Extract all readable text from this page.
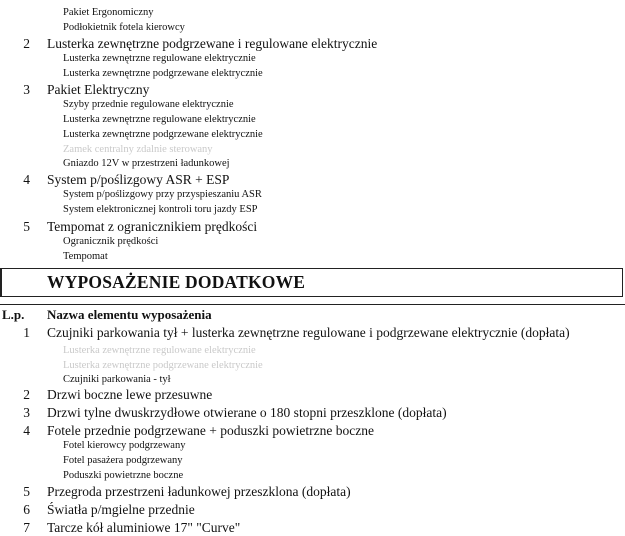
Pakiet Ergonomiczny
Podłokietnik fotela kierowcy
2 Lusterka zewnętrzne podgrzewane i regulowane elektrycznie
Lusterka zewnętrzne regulowane elektrycznie
Lusterka zewnętrzne podgrzewane elektrycznie
3 Pakiet Elektryczny
Szyby przednie regulowane elektrycznie
Lusterka zewnętrzne regulowane elektrycznie
Lusterka zewnętrzne podgrzewane elektrycznie
Zamek centralny zdalnie sterowany
Gniazdo 12V w przestrzeni ładunkowej
4 System p/poślizgowy ASR + ESP
System p/poślizgowy przy przyspieszaniu ASR
System elektronicznej kontroli toru jazdy ESP
5 Tempomat z ogranicznikiem prędkości
Ogranicznik prędkości
Tempomat
WYPOSAŻENIE DODATKOWE
L.p. Nazwa elementu wyposażenia
1 Czujniki parkowania tył + lusterka zewnętrzne regulowane i podgrzewane elektrycznie (dopłata)
Lusterka zewnętrzne regulowane elektrycznie
Lusterka zewnętrzne podgrzewane elektrycznie
Czujniki parkowania - tył
2 Drzwi boczne lewe przesuwne
3 Drzwi tylne dwuskrzydłowe otwierane o 180 stopni przeszklone (dopłata)
4 Fotele przednie podgrzewane + poduszki powietrzne boczne
Fotel kierowcy podgrzewany
Fotel pasażera podgrzewany
Poduszki powietrzne boczne
5 Przegroda przestrzeni ładunkowej przeszklona (dopłata)
6 Światła p/mgielne przednie
7 Tarcze kół aluminiowe 17" "Curve"
